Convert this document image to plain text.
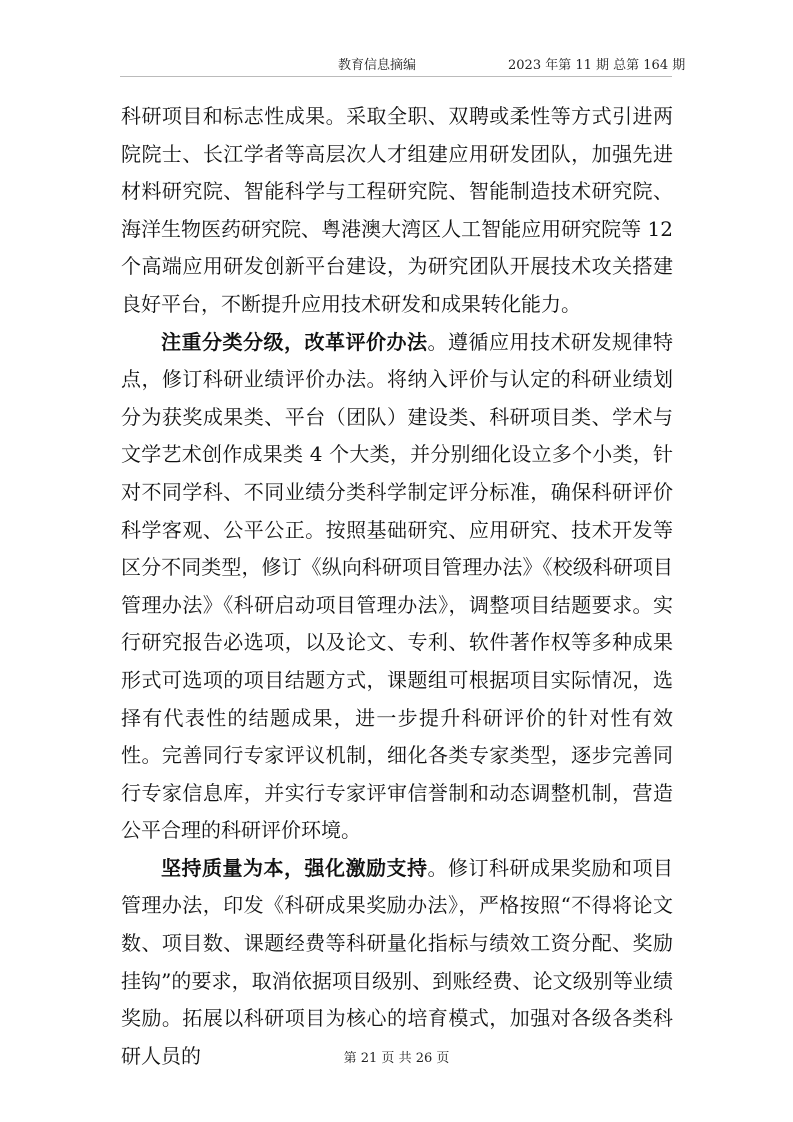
教育信息摘编	2023 年第 11 期 总第 164 期

科研项目和标志性成果。采取全职、双聘或柔性等方式引进两院院士、长江学者等高层次人才组建应用研发团队，加强先进材料研究院、智能科学与工程研究院、智能制造技术研究院、海洋生物医药研究院、粤港澳大湾区人工智能应用研究院等 12 个高端应用研发创新平台建设，为研究团队开展技术攻关搭建良好平台，不断提升应用技术研发和成果转化能力。

注重分类分级，改革评价办法。遵循应用技术研发规律特点，修订科研业绩评价办法。将纳入评价与认定的科研业绩划分为获奖成果类、平台（团队）建设类、科研项目类、学术与文学艺术创作成果类 4 个大类，并分别细化设立多个小类，针对不同学科、不同业绩分类科学制定评分标准，确保科研评价科学客观、公平公正。按照基础研究、应用研究、技术开发等区分不同类型，修订《纵向科研项目管理办法》《校级科研项目管理办法》《科研启动项目管理办法》，调整项目结题要求。实行研究报告必选项，以及论文、专利、软件著作权等多种成果形式可选项的项目结题方式，课题组可根据项目实际情况，选择有代表性的结题成果，进一步提升科研评价的针对性有效性。完善同行专家评议机制，细化各类专家类型，逐步完善同行专家信息库，并实行专家评审信誉制和动态调整机制，营造公平合理的科研评价环境。

坚持质量为本，强化激励支持。修订科研成果奖励和项目管理办法，印发《科研成果奖励办法》，严格按照“不得将论文数、项目数、课题经费等科研量化指标与绩效工资分配、奖励挂钩”的要求，取消依据项目级别、到账经费、论文级别等业绩奖励。拓展以科研项目为核心的培育模式，加强对各级各类科研人员的	第 21 页 共 26 页
